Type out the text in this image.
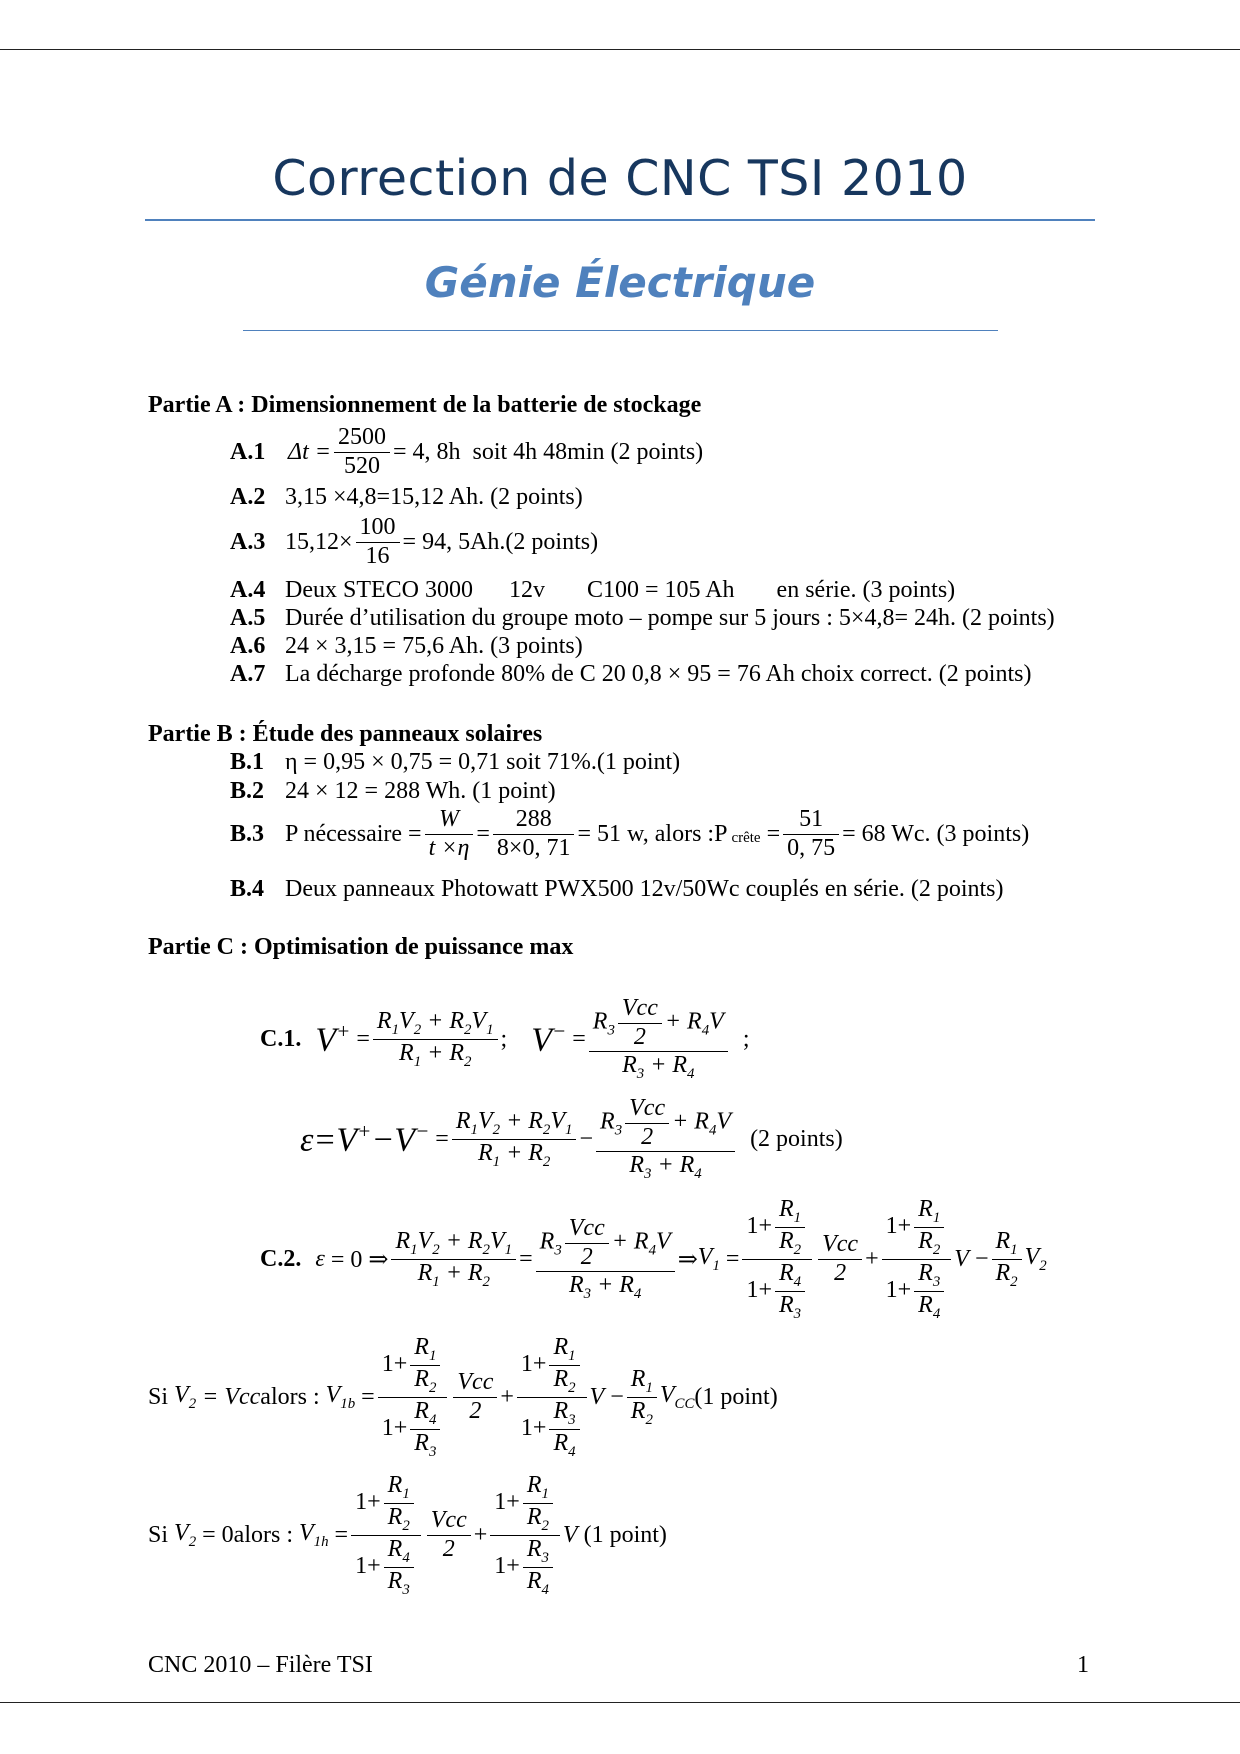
Correction de CNC TSI 2010
Génie Électrique
Partie A : Dimensionnement de la batterie de stockage
A.1 $\Delta t = \frac{2500}{520} = 4$, 8h
soit 4h 48min (2 points)
A.2 3,15 ×4,8=15,12 Ah. (2 points)
A.3 $15,12\times \frac{100}{16} = 94$, 5Ah .(2 points)
A.4 Deux STECO 3000      12v       C100 = 105 Ah       en série. (3 points)
A.5 Durée d’utilisation du groupe moto – pompe sur 5 jours : 5×4,8= 24h. (2 points)
A.6 24 × 3,15 = 75,6 Ah. (3 points)
A.7 La décharge profonde 80% de C 20 0,8 × 95 = 76 Ah choix correct. (2 points)
Partie B : Étude des panneaux solaires
B.1 η = 0,95 × 0,75 = 0,71 soit 71%.(1 point)
B.2 24 × 12 = 288 Wh. (1 point)
B.3 P nécessaire = $\frac{W}{t \times\eta} = \frac{288}{8\times 0, 71} = 51$ w, alors :P crête = $\frac{51}{0, 75} = 68$ Wc. (3 points)
B.4 Deux panneaux Photowatt PWX500 12v/50Wc couplés en série. (2 points)
Partie C : Optimisation de puissance max
C.1. $V^+ = \frac{R_1V_2 + R_2V_1}{R_1 + R_2}$ ;
$V^- = \frac{R_3 \frac{\text{Vcc}}{2} + R_4V}{R_3 + R_4}$
;
$\varepsilon=V^+-V^- = \frac{R_1V_2 + R_2V_1}{R_1 + R_2} - \frac{R_3 \frac{\text{Vcc}}{2} + R_4V}{R_3 + R_4}$
(2 points)
C.2. ε = 0 ⇒ $\frac{R_1V_2 + R_2V_1}{R_1 + R_2} = \frac{R_3 \frac{\text{Vcc}}{2} + R_4V}{R_3 + R_4}$ ⇒ $V_1 = \frac{1+ \frac{R_1}{R_2}}{1+ \frac{R_4}{R_3}} \frac{\text{Vcc}}{2} + \frac{1+ \frac{R_1}{R_2}}{1+ \frac{R_3}{R_4}}$ $V - \frac{R_1}{R_2} V_2$
Si
$V_2$
= Vcc alors :
$V_{1b} = \frac{1+ \frac{R_1}{R_2}}{1+ \frac{R_4}{R_3}} \frac{\text{Vcc}}{2} + \frac{1+ \frac{R_1}{R_2}}{1+ \frac{R_3}{R_4}}$ $V - \frac{R_1}{R_2} V_{CC}$ (1 point)
Si
$V_2$
= 0 alors :
$V_{1h} = \frac{1+ \frac{R_1}{R_2}}{1+ \frac{R_4}{R_3}} \frac{\text{Vcc}}{2} + \frac{1+ \frac{R_1}{R_2}}{1+ \frac{R_3}{R_4}}$ V
(1 point)
CNC 2010 – Filère TSI	1
